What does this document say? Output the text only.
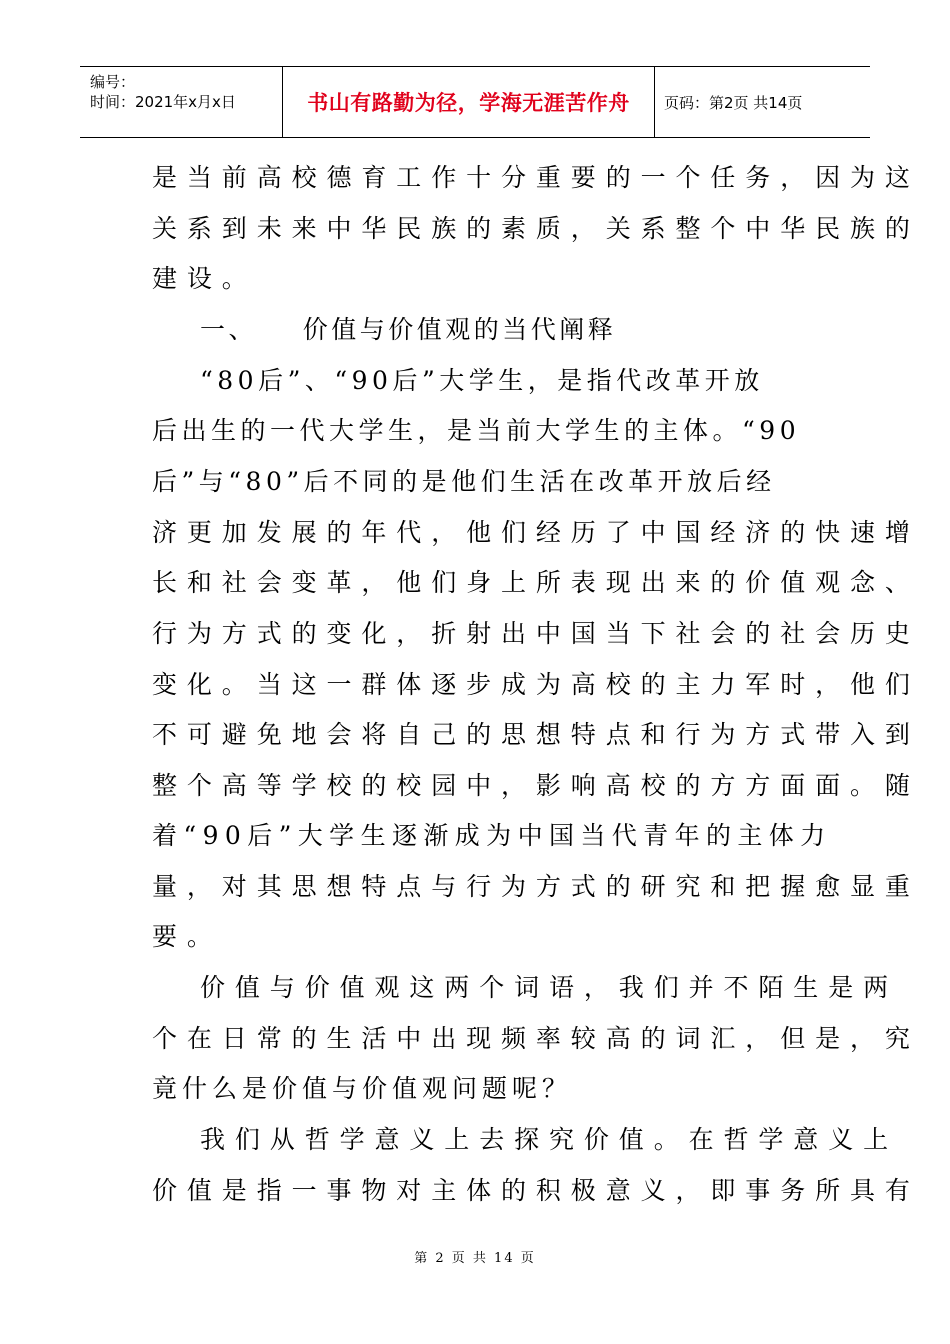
编号：
时间：2021年x月x日	书山有路勤为径，学海无涯苦作舟 页码：第2页 共14页
是当前高校德育工作十分重要的一个任务，因为这
关系到未来中华民族的素质，关系整个中华民族的
建设。
一、    价值与价值观的当代阐释
“80后”、“90后”大学生，是指代改革开放
后出生的一代大学生，是当前大学生的主体。“90
后”与“80”后不同的是他们生活在改革开放后经
济更加发展的年代，他们经历了中国经济的快速增
长和社会变革，他们身上所表现出来的价值观念、
行为方式的变化，折射出中国当下社会的社会历史
变化。当这一群体逐步成为高校的主力军时，他们
不可避免地会将自己的思想特点和行为方式带入到
整个高等学校的校园中，影响高校的方方面面。随
着“90后”大学生逐渐成为中国当代青年的主体力
量，对其思想特点与行为方式的研究和把握愈显重
要。
价值与价值观这两个词语，我们并不陌生是两
个在日常的生活中出现频率较高的词汇，但是，究
竟什么是价值与价值观问题呢？
我们从哲学意义上去探究价值。在哲学意义上
价值是指一事物对主体的积极意义，即事务所具有
第 2 页 共 14 页
